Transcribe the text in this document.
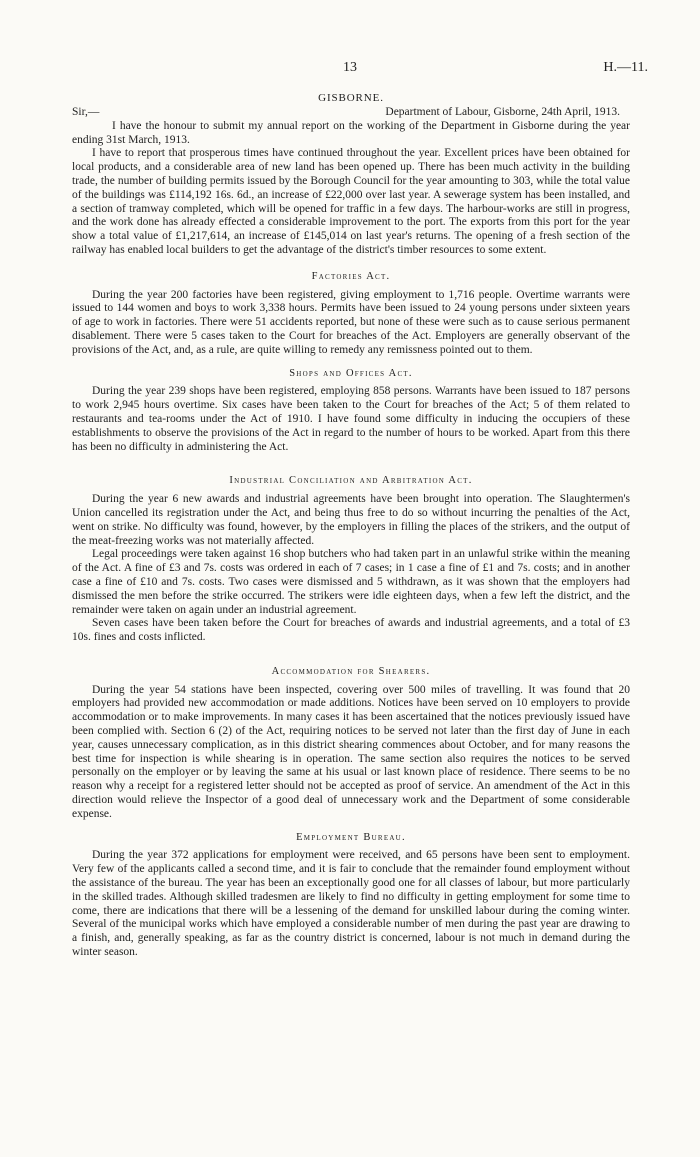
13	H.—11.
GISBORNE.
Sir,—	Department of Labour, Gisborne, 24th April, 1913.

I have the honour to submit my annual report on the working of the Department in Gisborne during the year ending 31st March, 1913.

I have to report that prosperous times have continued throughout the year. Excellent prices have been obtained for local products, and a considerable area of new land has been opened up. There has been much activity in the building trade, the number of building permits issued by the Borough Council for the year amounting to 303, while the total value of the buildings was £114,192 16s. 6d., an increase of £22,000 over last year. A sewerage system has been installed, and a section of tramway completed, which will be opened for traffic in a few days. The harbour-works are still in progress, and the work done has already effected a considerable improvement to the port. The exports from this port for the year show a total value of £1,217,614, an increase of £145,014 on last year's returns. The opening of a fresh section of the railway has enabled local builders to get the advantage of the district's timber resources to some extent.

Factories Act.

During the year 200 factories have been registered, giving employment to 1,716 people. Overtime warrants were issued to 144 women and boys to work 3,338 hours. Permits have been issued to 24 young persons under sixteen years of age to work in factories. There were 51 accidents reported, but none of these were such as to cause serious permanent disablement. There were 5 cases taken to the Court for breaches of the Act. Employers are generally observant of the provisions of the Act, and, as a rule, are quite willing to remedy any remissness pointed out to them.

Shops and Offices Act.

During the year 239 shops have been registered, employing 858 persons. Warrants have been issued to 187 persons to work 2,945 hours overtime. Six cases have been taken to the Court for breaches of the Act; 5 of them related to restaurants and tea-rooms under the Act of 1910. I have found some difficulty in inducing the occupiers of these establishments to observe the provisions of the Act in regard to the number of hours to be worked. Apart from this there has been no difficulty in administering the Act.

Industrial Conciliation and Arbitration Act.

During the year 6 new awards and industrial agreements have been brought into operation. The Slaughtermen's Union cancelled its registration under the Act, and being thus free to do so without incurring the penalties of the Act, went on strike. No difficulty was found, however, by the employers in filling the places of the strikers, and the output of the meat-freezing works was not materially affected.

Legal proceedings were taken against 16 shop butchers who had taken part in an unlawful strike within the meaning of the Act. A fine of £3 and 7s. costs was ordered in each of 7 cases; in 1 case a fine of £1 and 7s. costs; and in another case a fine of £10 and 7s. costs. Two cases were dismissed and 5 withdrawn, as it was shown that the employers had dismissed the men before the strike occurred. The strikers were idle eighteen days, when a few left the district, and the remainder were taken on again under an industrial agreement.

Seven cases have been taken before the Court for breaches of awards and industrial agreements, and a total of £3 10s. fines and costs inflicted.

Accommodation for Shearers.

During the year 54 stations have been inspected, covering over 500 miles of travelling. It was found that 20 employers had provided new accommodation or made additions. Notices have been served on 10 employers to provide accommodation or to make improvements. In many cases it has been ascertained that the notices previously issued have been complied with. Section 6 (2) of the Act, requiring notices to be served not later than the first day of June in each year, causes unnecessary complication, as in this district shearing commences about October, and for many reasons the best time for inspection is while shearing is in operation. The same section also requires the notices to be served personally on the employer or by leaving the same at his usual or last known place of residence. There seems to be no reason why a receipt for a registered letter should not be accepted as proof of service. An amendment of the Act in this direction would relieve the Inspector of a good deal of unnecessary work and the Department of some considerable expense.

Employment Bureau.

During the year 372 applications for employment were received, and 65 persons have been sent to employment. Very few of the applicants called a second time, and it is fair to conclude that the remainder found employment without the assistance of the bureau. The year has been an exceptionally good one for all classes of labour, but more particularly in the skilled trades. Although skilled tradesmen are likely to find no difficulty in getting employment for some time to come, there are indications that there will be a lessening of the demand for unskilled labour during the coming winter. Several of the municipal works which have employed a considerable number of men during the past year are drawing to a finish, and, generally speaking, as far as the country district is concerned, labour is not much in demand during the winter season.
